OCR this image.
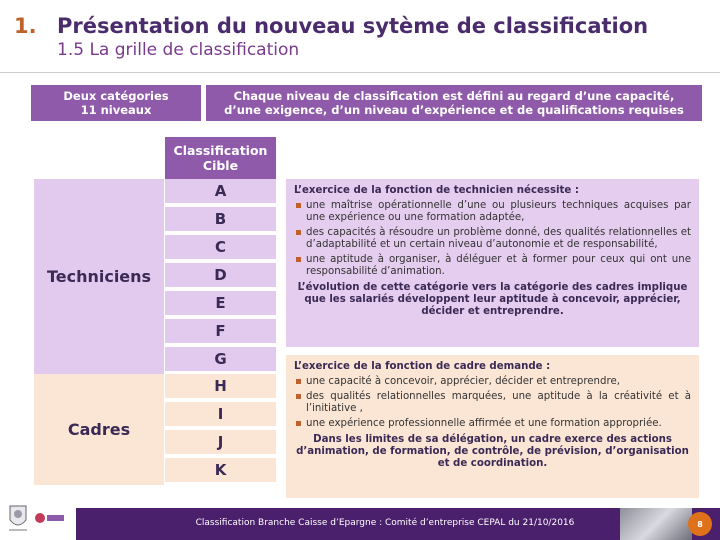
1. Présentation du nouveau sytème de classification
1.5 La grille de classification
Deux catégories
11 niveaux
Chaque niveau de classification est défini au regard d’une capacité,
d’une exigence, d’un niveau d’expérience et de qualifications requises
Classification
Cible
Techniciens
Cadres
A
B
C
D
E
F
G
H
I
J
K
L’exercice de la fonction de technicien nécessite :
une maîtrise opérationnelle d’une ou plusieurs techniques acquises par une expérience ou une formation adaptée,
des capacités à résoudre un problème donné, des qualités relationnelles et d’adaptabilité et un certain niveau d’autonomie et de responsabilité,
une aptitude à organiser, à déléguer et à former pour ceux qui ont une responsabilité d’animation.
L’évolution de cette catégorie vers la catégorie des cadres implique que les salariés développent leur aptitude à concevoir, apprécier, décider et entreprendre.
L’exercice de la fonction de cadre demande :
une capacité à concevoir, apprécier, décider et entreprendre,
des qualités relationnelles marquées, une aptitude à la créativité et à l’initiative ,
une expérience professionnelle affirmée et une formation appropriée.
Dans les limites de sa délégation, un cadre exerce des actions d’animation, de formation, de contrôle, de prévision, d’organisation et de coordination.
Classification Branche Caisse d’Epargne : Comité d’entreprise CEPAL du 21/10/2016	8
